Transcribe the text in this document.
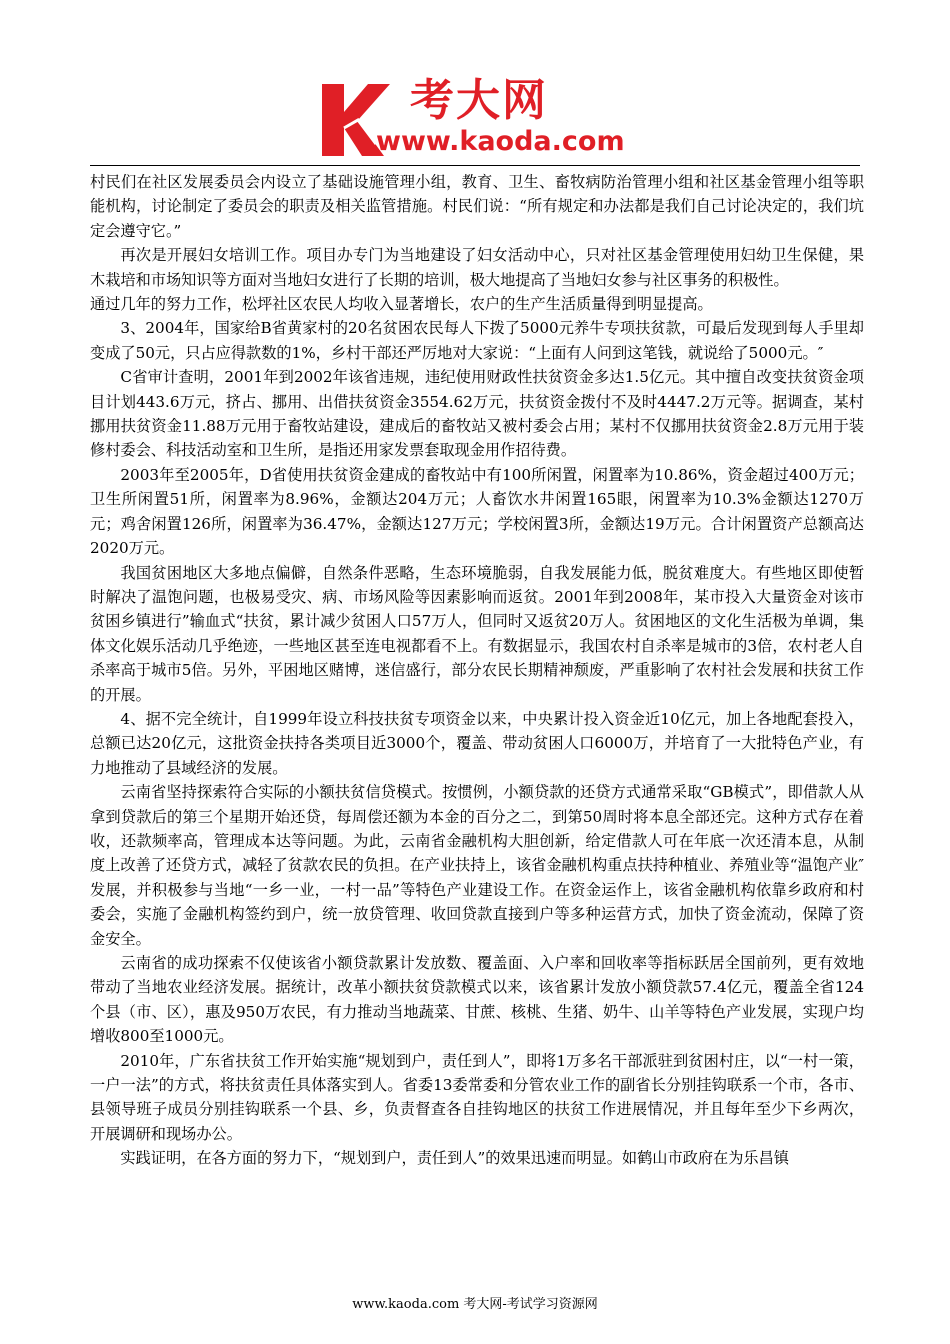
考大网
www.kaoda.com

村民们在社区发展委员会内设立了基础设施管理小组，教育、卫生、畜牧病防治管理小组和社区基金管理小组等职能机构，讨论制定了委员会的职责及相关监管措施。村民们说：“所有规定和办法都是我们自己讨论决定的，我们坑定会遵守它。”

再次是开展妇女培训工作。项目办专门为当地建设了妇女活动中心，只对社区基金管理使用妇幼卫生保健，果木栽培和市场知识等方面对当地妇女进行了长期的培训，极大地提高了当地妇女参与社区事务的积极性。

通过几年的努力工作，松坪社区农民人均收入显著增长，农户的生产生活质量得到明显提高。

3、2004年，国家给B省黄家村的20名贫困农民每人下拨了5000元养牛专项扶贫款，可最后发现到每人手里却变成了50元，只占应得款数的1%，乡村干部还严厉地对大家说：“上面有人问到这笔钱，就说给了5000元。″

C省审计查明，2001年到2002年该省违规，违纪使用财政性扶贫资金多达1.5亿元。其中擅自改变扶贫资金项目计划443.6万元，挤占、挪用、出借扶贫资金3554.62万元，扶贫资金拨付不及时4447.2万元等。据调查，某村挪用扶贫资金11.88万元用于畜牧站建设，建成后的畜牧站又被村委会占用；某村不仅挪用扶贫资金2.8万元用于装修村委会、科技活动室和卫生所，是指还用家发票套取现金用作招待费。

2003年至2005年，D省使用扶贫资金建成的畜牧站中有100所闲置，闲置率为10.86%，资金超过400万元；卫生所闲置51所，闲置率为8.96%，金额达204万元；人畜饮水井闲置165眼，闲置率为10.3%金额达1270万元；鸡舍闲置126所，闲置率为36.47%，金额达127万元；学校闲置3所，金额达19万元。合计闲置资产总额高达2020万元。

我国贫困地区大多地点偏僻，自然条件恶略，生态环境脆弱，自我发展能力低，脱贫难度大。有些地区即使暂时解决了温饱问题，也极易受灾、病、市场风险等因素影响而返贫。2001年到2008年，某市投入大量资金对该市贫困乡镇进行”输血式“扶贫，累计减少贫困人口57万人，但同时又返贫20万人。贫困地区的文化生活极为单调，集体文化娱乐活动几乎绝迹，一些地区甚至连电视都看不上。有数据显示，我国农村自杀率是城市的3倍，农村老人自杀率高于城市5倍。另外，平困地区赌博，迷信盛行，部分农民长期精神颓废，严重影响了农村社会发展和扶贫工作的开展。

4、据不完全统计，自1999年设立科技扶贫专项资金以来，中央累计投入资金近10亿元，加上各地配套投入，总额已达20亿元，这批资金扶持各类项目近3000个，覆盖、带动贫困人口6000万，并培育了一大批特色产业，有力地推动了县域经济的发展。

云南省坚持探索符合实际的小额扶贫信贷模式。按惯例，小额贷款的还贷方式通常采取“GB模式”，即借款人从拿到贷款后的第三个星期开始还贷，每周偿还额为本金的百分之二，到第50周时将本息全部还完。这种方式存在着收，还款频率高，管理成本达等问题。为此，云南省金融机构大胆创新，给定借款人可在年底一次还清本息，从制度上改善了还贷方式，减轻了贫款农民的负担。在产业扶持上，该省金融机构重点扶持种植业、养殖业等“温饱产业″发展，并积极参与当地“一乡一业，一村一品”等特色产业建设工作。在资金运作上，该省金融机构依靠乡政府和村委会，实施了金融机构签约到户，统一放贷管理、收回贷款直接到户等多种运营方式，加快了资金流动，保障了资金安全。

云南省的成功探索不仅使该省小额贷款累计发放数、覆盖面、入户率和回收率等指标跃居全国前列，更有效地带动了当地农业经济发展。据统计，改革小额扶贫贷款模式以来，该省累计发放小额贷款57.4亿元，覆盖全省124个县（市、区），惠及950万农民，有力推动当地蔬菜、甘蔗、核桃、生猪、奶牛、山羊等特色产业发展，实现户均增收800至1000元。

2010年，广东省扶贫工作开始实施“规划到户，责任到人”，即将1万多名干部派驻到贫困村庄，以“一村一策，一户一法”的方式，将扶贫责任具体落实到人。省委13委常委和分管农业工作的副省长分别挂钩联系一个市，各市、县领导班子成员分别挂钩联系一个县、乡，负责督查各自挂钩地区的扶贫工作进展情况，并且每年至少下乡两次，开展调研和现场办公。

实践证明，在各方面的努力下，“规划到户，责任到人”的效果迅速而明显。如鹤山市政府在为乐昌镇

www.kaoda.com 考大网-考试学习资源网
